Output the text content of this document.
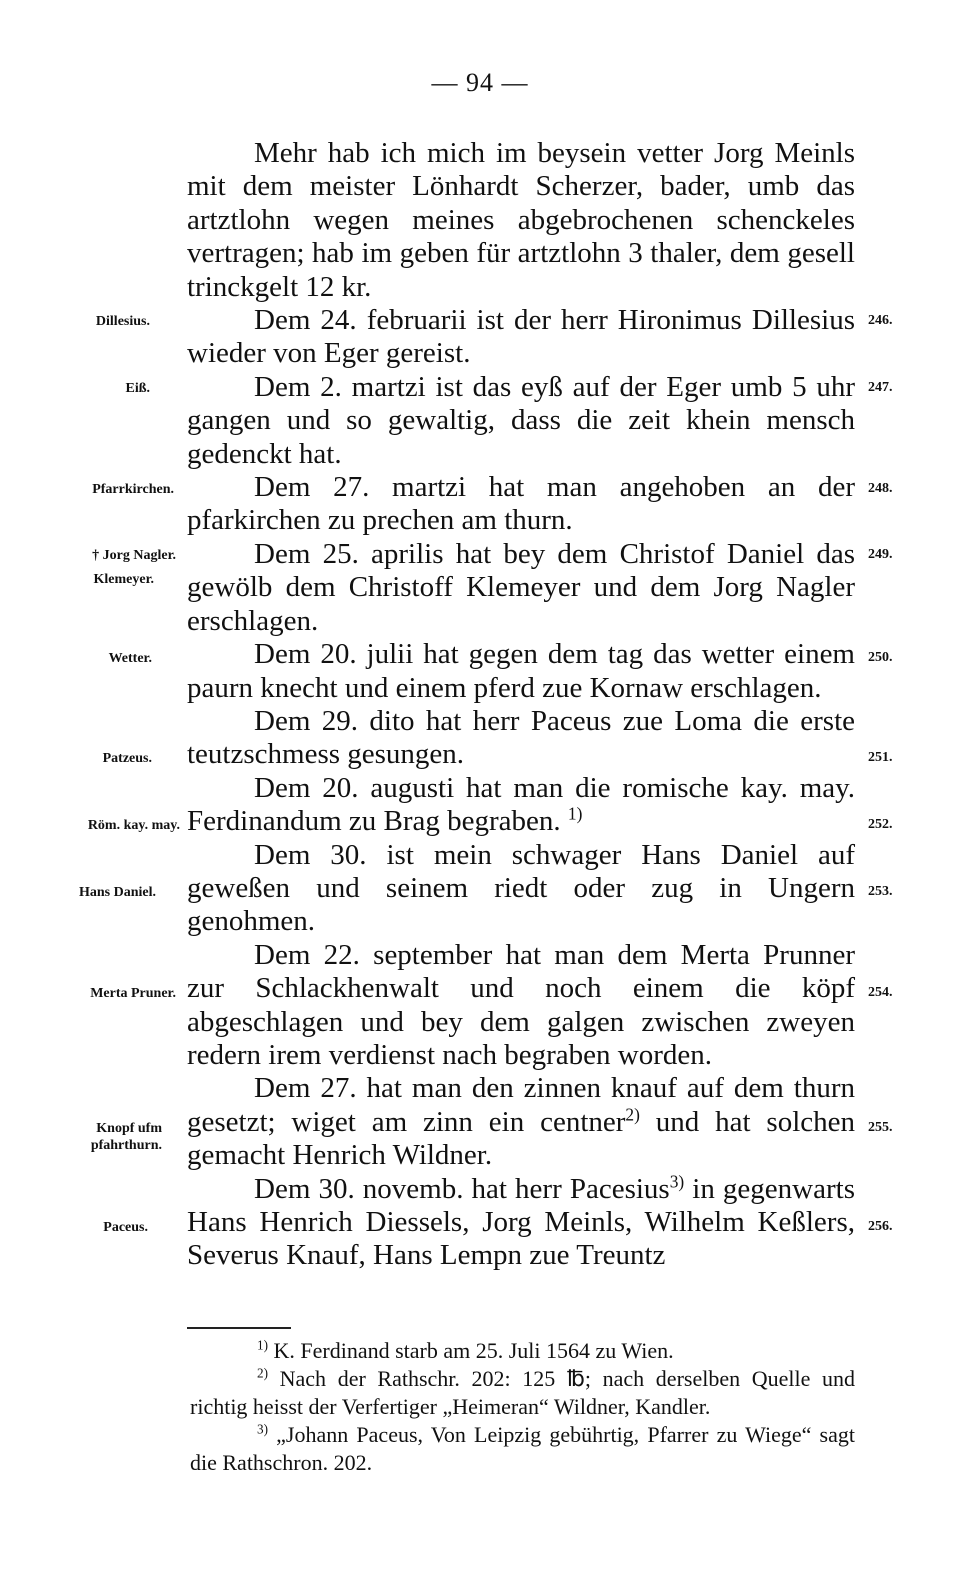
— 94 —

Mehr hab ich mich im beysein vetter Jorg Meinls mit dem meister Lönhardt Scherzer, bader, umb das artztlohn wegen meines abgebrochenen schenckeles vertragen; hab im geben für artztlohn 3 thaler, dem gesell trinckgelt 12 kr.

Dem 24. februarii ist der herr Hironimus Dillesius wieder von Eger gereist.

Dem 2. martzi ist das eyß auf der Eger umb 5 uhr gangen und so gewaltig, dass die zeit khein mensch gedenckt hat.

Dem 27. martzi hat man angehoben an der pfarkirchen zu prechen am thurn.

Dem 25. aprilis hat bey dem Christof Daniel das gewölb dem Christoff Klemeyer und dem Jorg Nagler erschlagen.

Dem 20. julii hat gegen dem tag das wetter einem paurn knecht und einem pferd zue Kornaw erschlagen.

Dem 29. dito hat herr Paceus zue Loma die erste teutzschmess gesungen.

Dem 20. augusti hat man die romische kay. may. Ferdinandum zu Brag begraben. $^{1)}$

Dem 30. ist mein schwager Hans Daniel auf geweßen und seinem riedt oder zug in Ungern genohmen.

Dem 22. september hat man dem Merta Prunner zur Schlackhenwalt und noch einem die köpf abgeschlagen und bey dem galgen zwischen zweyen redern irem verdienst nach begraben worden.

Dem 27. hat man den zinnen knauf auf dem thurn gesetzt; wiget am zinn ein centner$^{2)}$ und hat solchen gemacht Henrich Wildner.

Dem 30. novemb. hat herr Pacesius$^{3)}$ in gegenwarts Hans Henrich Diessels, Jorg Meinls, Wilhelm Keßlers, Severus Knauf, Hans Lempn zue Treuntz

Dillesius.
Eiß.
Pfarrkirchen.
† Jorg Nagler.
Klemeyer.
Wetter.
Patzeus.
Röm. kay. may.
Hans Daniel.
Merta Pruner.
Knopf ufm pfahrthurn.
Paceus.
246.
247.
248.
249.
250.
251.
252.
253.
254.
255.
256.

$^{1)}$ K. Ferdinand starb am 25. Juli 1564 zu Wien.

$^{2)}$ Nach der Rathschr. 202: 125 ℔; nach derselben Quelle und richtig heisst der Verfertiger „Heimeran“ Wildner, Kandler.

$^{3)}$ „Johann Paceus, Von Leipzig gebührtig, Pfarrer zu Wiege“ sagt die Rathschron. 202.
